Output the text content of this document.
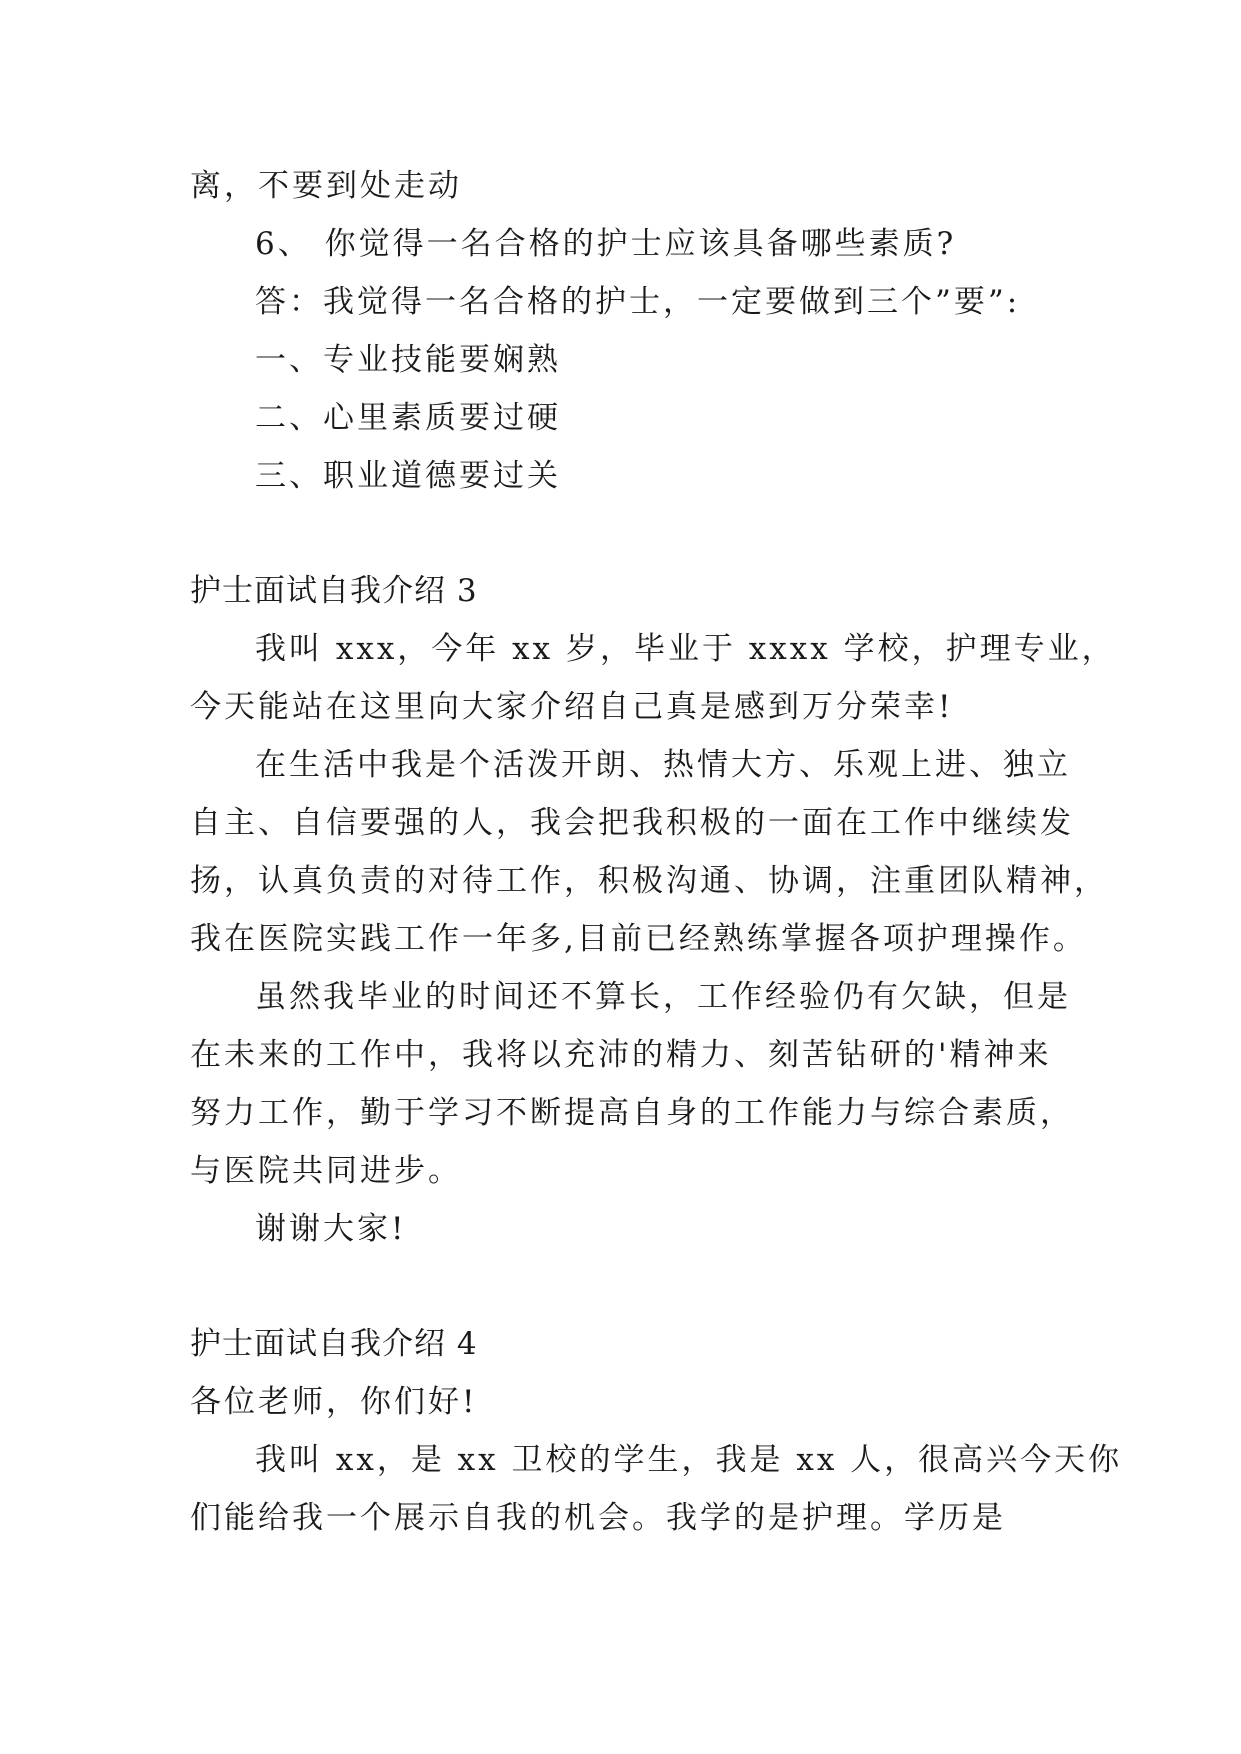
离，不要到处走动
6、 你觉得一名合格的护士应该具备哪些素质?
答：我觉得一名合格的护士，一定要做到三个”要”:
一、专业技能要娴熟
二、心里素质要过硬
三、职业道德要过关
护士面试自我介绍 3
我叫 xxx，今年 xx 岁，毕业于 xxxx 学校，护理专业，
今天能站在这里向大家介绍自己真是感到万分荣幸!
在生活中我是个活泼开朗、热情大方、乐观上进、独立
自主、自信要强的人，我会把我积极的一面在工作中继续发
扬，认真负责的对待工作，积极沟通、协调，注重团队精神，
我在医院实践工作一年多,目前已经熟练掌握各项护理操作。
虽然我毕业的时间还不算长，工作经验仍有欠缺，但是
在未来的工作中，我将以充沛的精力、刻苦钻研的'精神来
努力工作，勤于学习不断提高自身的工作能力与综合素质，
与医院共同进步。
谢谢大家!
护士面试自我介绍 4
各位老师，你们好!
我叫 xx，是 xx 卫校的学生，我是 xx 人，很高兴今天你
们能给我一个展示自我的机会。我学的是护理。学历是
